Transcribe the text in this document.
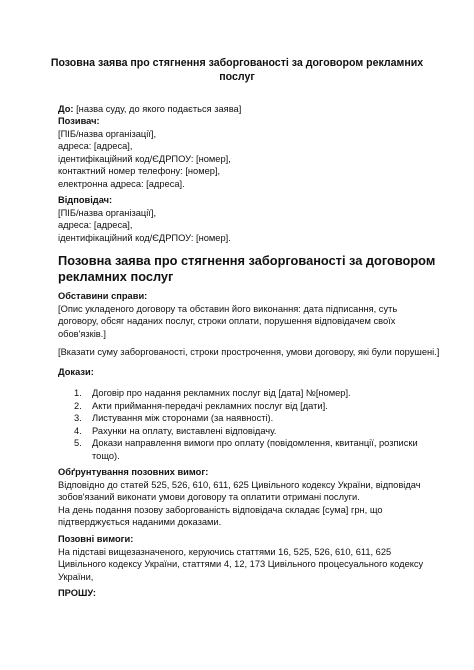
Позовна заява про стягнення заборгованості за договором рекламних
послуг
До: [назва суду, до якого подається заява]
Позивач:
[ПІБ/назва організації],
адреса: [адреса],
ідентифікаційний код/ЄДРПОУ: [номер],
контактний номер телефону: [номер],
електронна адреса: [адреса].
Відповідач:
[ПІБ/назва організації],
адреса: [адреса],
ідентифікаційний код/ЄДРПОУ: [номер].
Позовна заява про стягнення заборгованості за договором
рекламних послуг
Обставини справи:
[Опис укладеного договору та обставин його виконання: дата підписання, суть
договору, обсяг наданих послуг, строки оплати, порушення відповідачем своїх
обов'язків.]
[Вказати суму заборгованості, строки прострочення, умови договору, які були порушені.]
Докази:
1. Договір про надання рекламних послуг від [дата] №[номер].
2. Акти приймання-передачі рекламних послуг від [дати].
3. Листування між сторонами (за наявності).
4. Рахунки на оплату, виставлені відповідачу.
5. Докази направлення вимоги про оплату (повідомлення, квитанції, розписки
тощо).
Обґрунтування позовних вимог:
Відповідно до статей 525, 526, 610, 611, 625 Цивільного кодексу України, відповідач
зобов'язаний виконати умови договору та оплатити отримані послуги.
На день подання позову заборгованість відповідача складає [сума] грн, що
підтверджується наданими доказами.
Позовні вимоги:
На підставі вищезазначеного, керуючись статтями 16, 525, 526, 610, 611, 625
Цивільного кодексу України, статтями 4, 12, 173 Цивільного процесуального кодексу
України,
ПРОШУ:
